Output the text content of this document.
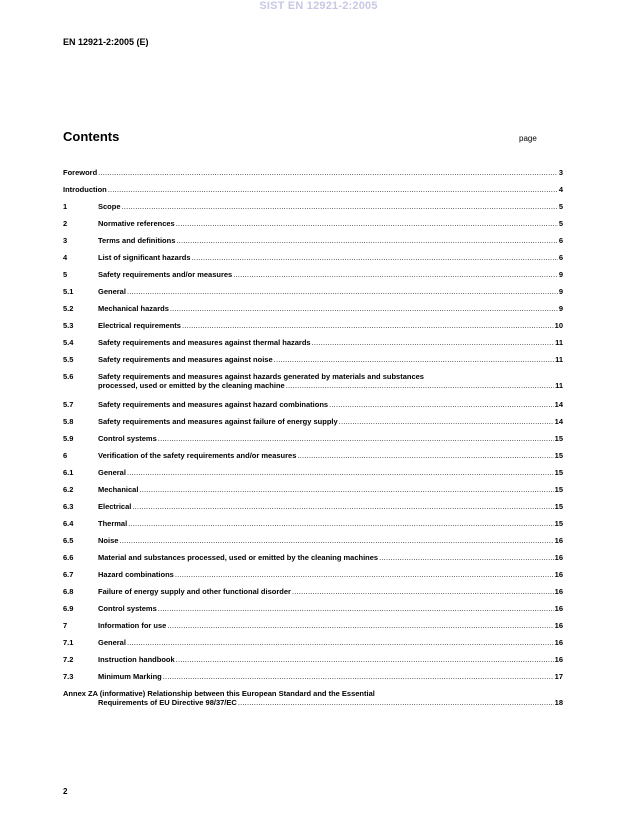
SIST EN 12921-2:2005
EN 12921-2:2005 (E)
Contents	page
Foreword .....	3
Introduction .....	4
1	Scope .....	5
2	Normative references .....	5
3	Terms and definitions .....	6
4	List of significant hazards .....	6
5	Safety requirements and/or measures .....	9
5.1	General .....	9
5.2	Mechanical hazards .....	9
5.3	Electrical requirements .....	10
5.4	Safety requirements and measures against thermal hazards .....	11
5.5	Safety requirements and measures against noise .....	11
5.6	Safety requirements and measures against hazards generated by materials and substances
processed, used or emitted by the cleaning machine .....	11
5.7	Safety requirements and measures against hazard combinations .....	14
5.8	Safety requirements and measures against failure of energy supply .....	14
5.9	Control systems .....	15
6	Verification of the safety requirements and/or measures .....	15
6.1	General .....	15
6.2	Mechanical .....	15
6.3	Electrical .....	15
6.4	Thermal .....	15
6.5	Noise .....	16
6.6	Material and substances processed, used or emitted by the cleaning machines .....	16
6.7	Hazard combinations .....	16
6.8	Failure of energy supply and other functional disorder .....	16
6.9	Control systems .....	16
7	Information for use .....	16
7.1	General .....	16
7.2	Instruction handbook .....	16
7.3	Minimum Marking .....	17
Annex ZA (informative) Relationship between this European Standard and the Essential
Requirements of EU Directive 98/37/EC .....	18
2
